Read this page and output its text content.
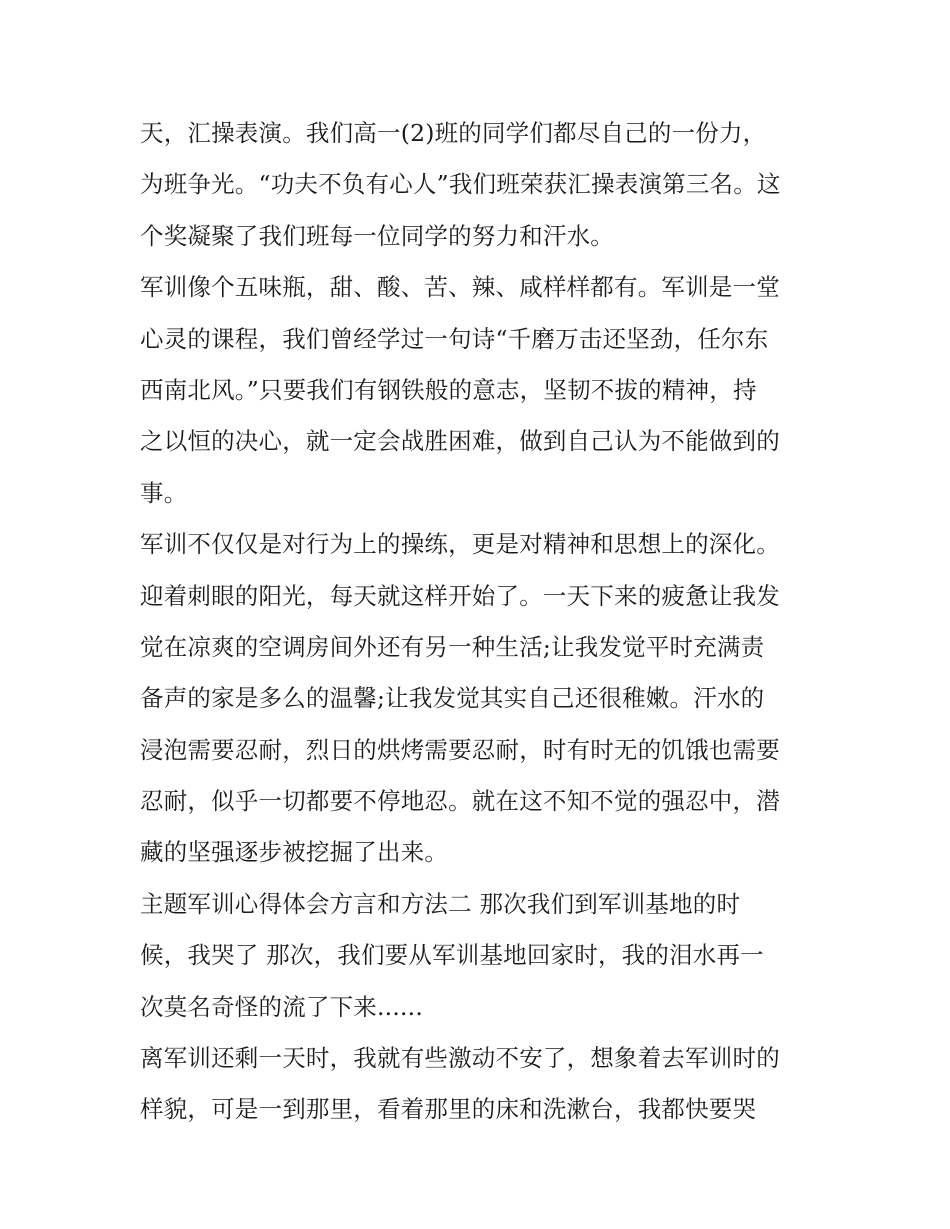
天，汇操表演。我们高一(2)班的同学们都尽自己的一份力，
为班争光。“功夫不负有心人”我们班荣获汇操表演第三名。这
个奖凝聚了我们班每一位同学的努力和汗水。
军训像个五味瓶，甜、酸、苦、辣、咸样样都有。军训是一堂
心灵的课程，我们曾经学过一句诗“千磨万击还坚劲，任尔东
西南北风。”只要我们有钢铁般的意志，坚韧不拔的精神，持
之以恒的决心，就一定会战胜困难，做到自己认为不能做到的
事。
军训不仅仅是对行为上的操练，更是对精神和思想上的深化。
迎着刺眼的阳光，每天就这样开始了。一天下来的疲惫让我发
觉在凉爽的空调房间外还有另一种生活;让我发觉平时充满责
备声的家是多么的温馨;让我发觉其实自己还很稚嫩。汗水的
浸泡需要忍耐，烈日的烘烤需要忍耐，时有时无的饥饿也需要
忍耐，似乎一切都要不停地忍。就在这不知不觉的强忍中，潜
藏的坚强逐步被挖掘了出来。
主题军训心得体会方言和方法二 那次我们到军训基地的时
候，我哭了 那次，我们要从军训基地回家时，我的泪水再一
次莫名奇怪的流了下来......
离军训还剩一天时，我就有些激动不安了，想象着去军训时的
样貌，可是一到那里，看着那里的床和洗漱台，我都快要哭
